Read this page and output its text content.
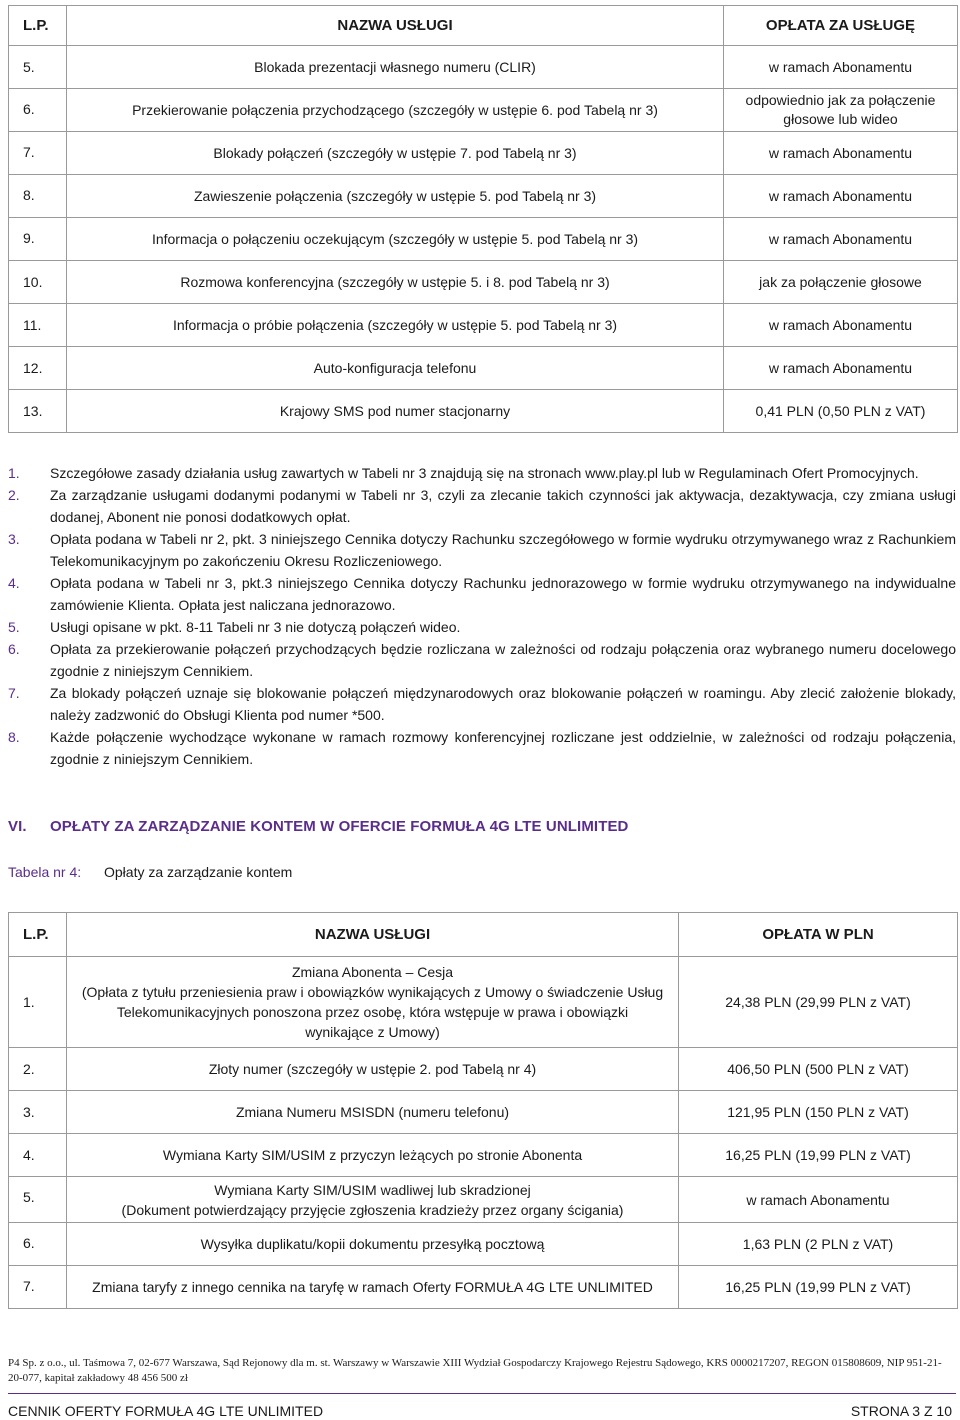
L.P.	NAZWA USŁUGI	OPŁATA ZA USŁUGĘ
5.	Blokada prezentacji własnego numeru (CLIR)	w ramach Abonamentu
6.	Przekierowanie połączenia przychodzącego (szczegóły w ustępie 6. pod Tabelą nr 3)	odpowiednio jak za połączenie głosowe lub wideo
7.	Blokady połączeń (szczegóły w ustępie 7. pod Tabelą nr 3)	w ramach Abonamentu
8.	Zawieszenie połączenia (szczegóły w ustępie 5. pod Tabelą nr 3)	w ramach Abonamentu
9.	Informacja o połączeniu oczekującym (szczegóły w ustępie 5. pod Tabelą nr 3)	w ramach Abonamentu
10.	Rozmowa konferencyjna (szczegóły w ustępie 5. i 8. pod Tabelą nr 3)	jak za połączenie głosowe
11.	Informacja o próbie połączenia (szczegóły w ustępie 5. pod Tabelą nr 3)	w ramach Abonamentu
12.	Auto-konfiguracja telefonu	w ramach Abonamentu
13.	Krajowy SMS pod numer stacjonarny	0,41 PLN (0,50 PLN z VAT)
1. Szczegółowe zasady działania usług zawartych w Tabeli nr 3 znajdują się na stronach www.play.pl lub w Regulaminach Ofert Promocyjnych.
2. Za zarządzanie usługami dodanymi podanymi w Tabeli nr 3, czyli za zlecanie takich czynności jak aktywacja, dezaktywacja, czy zmiana usługi dodanej, Abonent nie ponosi dodatkowych opłat.
3. Opłata podana w Tabeli nr 2, pkt. 3 niniejszego Cennika dotyczy Rachunku szczegółowego w formie wydruku otrzymywanego wraz z Rachunkiem Telekomunikacyjnym po zakończeniu Okresu Rozliczeniowego.
4. Opłata podana w Tabeli nr 3, pkt.3 niniejszego Cennika dotyczy Rachunku jednorazowego w formie wydruku otrzymywanego na indywidualne zamówienie Klienta. Opłata jest naliczana jednorazowo.
5. Usługi opisane w pkt. 8-11 Tabeli nr 3 nie dotyczą połączeń wideo.
6. Opłata za przekierowanie połączeń przychodzących będzie rozliczana w zależności od rodzaju połączenia oraz wybranego numeru docelowego zgodnie z niniejszym Cennikiem.
7. Za blokady połączeń uznaje się blokowanie połączeń międzynarodowych oraz blokowanie połączeń w roamingu. Aby zlecić założenie blokady, należy zadzwonić do Obsługi Klienta pod numer *500.
8. Każde połączenie wychodzące wykonane w ramach rozmowy konferencyjnej rozliczane jest oddzielnie, w zależności od rodzaju połączenia, zgodnie z niniejszym Cennikiem.
VI. OPŁATY ZA ZARZĄDZANIE KONTEM W OFERCIE FORMUŁA 4G LTE UNLIMITED
Tabela nr 4: Opłaty za zarządzanie kontem
L.P.	NAZWA USŁUGI	OPŁATA W PLN
1.	Zmiana Abonenta – Cesja
(Opłata z tytułu przeniesienia praw i obowiązków wynikających z Umowy o świadczenie Usług Telekomunikacyjnych ponoszona przez osobę, która wstępuje w prawa i obowiązki wynikające z Umowy)	24,38 PLN (29,99 PLN z VAT)
2.	Złoty numer (szczegóły w ustępie 2. pod Tabelą nr 4)	406,50 PLN (500 PLN z VAT)
3.	Zmiana Numeru MSISDN (numeru telefonu)	121,95 PLN (150 PLN z VAT)
4.	Wymiana Karty SIM/USIM z przyczyn leżących po stronie Abonenta	16,25 PLN (19,99 PLN z VAT)
5.	Wymiana Karty SIM/USIM wadliwej lub skradzionej
(Dokument potwierdzający przyjęcie zgłoszenia kradzieży przez organy ścigania)	w ramach Abonamentu
6.	Wysyłka duplikatu/kopii dokumentu przesyłką pocztową	1,63 PLN (2 PLN z VAT)
7.	Zmiana taryfy z innego cennika na taryfę w ramach Oferty FORMUŁA 4G LTE UNLIMITED	16,25 PLN (19,99 PLN z VAT)
P4 Sp. z o.o., ul. Taśmowa 7, 02-677 Warszawa, Sąd Rejonowy dla m. st. Warszawy w Warszawie XIII Wydział Gospodarczy Krajowego Rejestru Sądowego, KRS 0000217207, REGON 015808609, NIP 951-21-20-077, kapitał zakładowy 48 456 500 zł
CENNIK OFERTY FORMUŁA 4G LTE UNLIMITED	STRONA 3 Z 10
